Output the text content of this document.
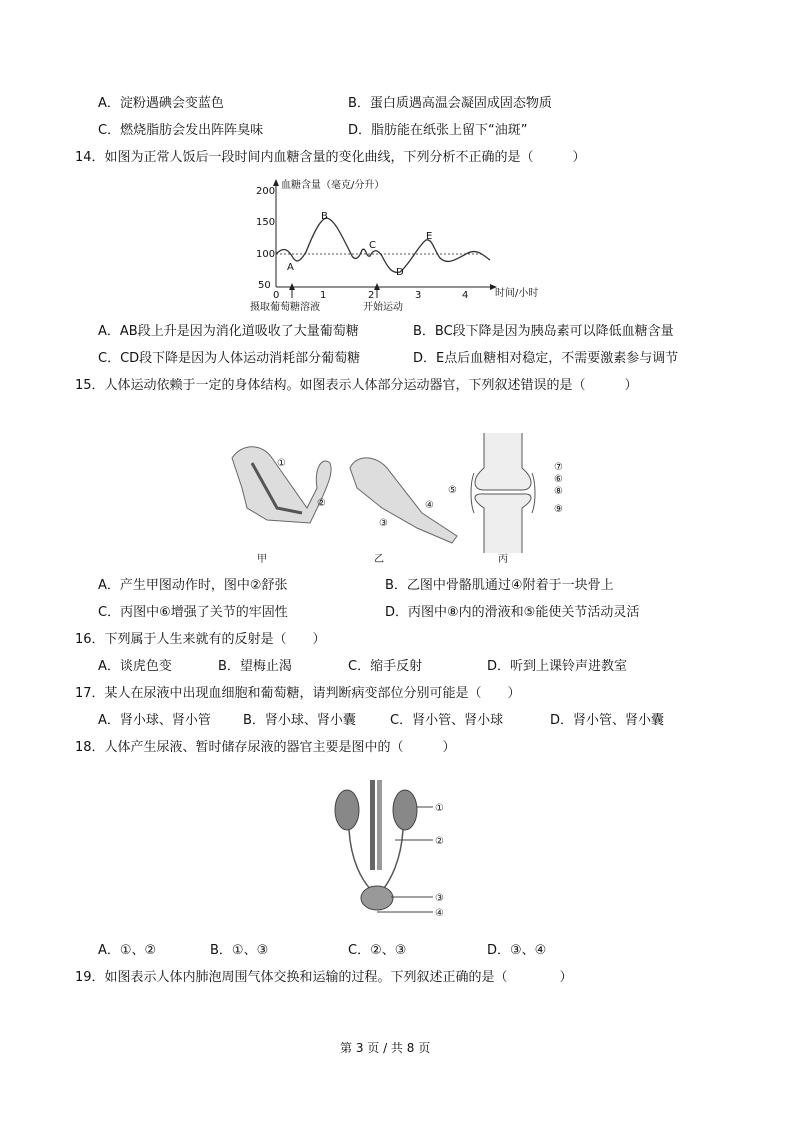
A．淀粉遇碘会变蓝色	B．蛋白质遇高温会凝固成固态物质
C．燃烧脂肪会发出阵阵臭味	D．脂肪能在纸张上留下“油斑”
14．如图为正常人饭后一段时间内血糖含量的变化曲线，下列分析不正确的是（　　　）
血糖含量（毫克/分升）
200
150
100
50
A
B
C
D
E
0	1	2	3	4	时间/小时
摄取葡萄糖溶液	开始运动
A．AB段上升是因为消化道吸收了大量葡萄糖	B．BC段下降是因为胰岛素可以降低血糖含量
C．CD段下降是因为人体运动消耗部分葡萄糖	D．E点后血糖相对稳定，不需要激素参与调节
15．人体运动依赖于一定的身体结构。如图表示人体部分运动器官，下列叙述错误的是（　　　）
①
②	④
③
⑤
⑦
⑥
⑧
⑨
甲	乙	丙
A．产生甲图动作时，图中②舒张	B．乙图中骨骼肌通过④附着于一块骨上
C．丙图中⑥增强了关节的牢固性	D．丙图中⑧内的滑液和⑤能使关节活动灵活
16．下列属于人生来就有的反射是（　　）
A．谈虎色变	B．望梅止渴	C．缩手反射	D．听到上课铃声进教室
17．某人在尿液中出现血细胞和葡萄糖，请判断病变部位分别可能是（　　）
A．肾小球、肾小管 B．肾小球、肾小囊	C．肾小管、肾小球	D．肾小管、肾小囊
18．人体产生尿液、暂时储存尿液的器官主要是图中的（　　　）
①
②
③
④
A．①、②	B．①、③	C．②、③	D．③、④
19．如图表示人体内肺泡周围气体交换和运输的过程。下列叙述正确的是（　　　　）
第 3 页 / 共 8 页
